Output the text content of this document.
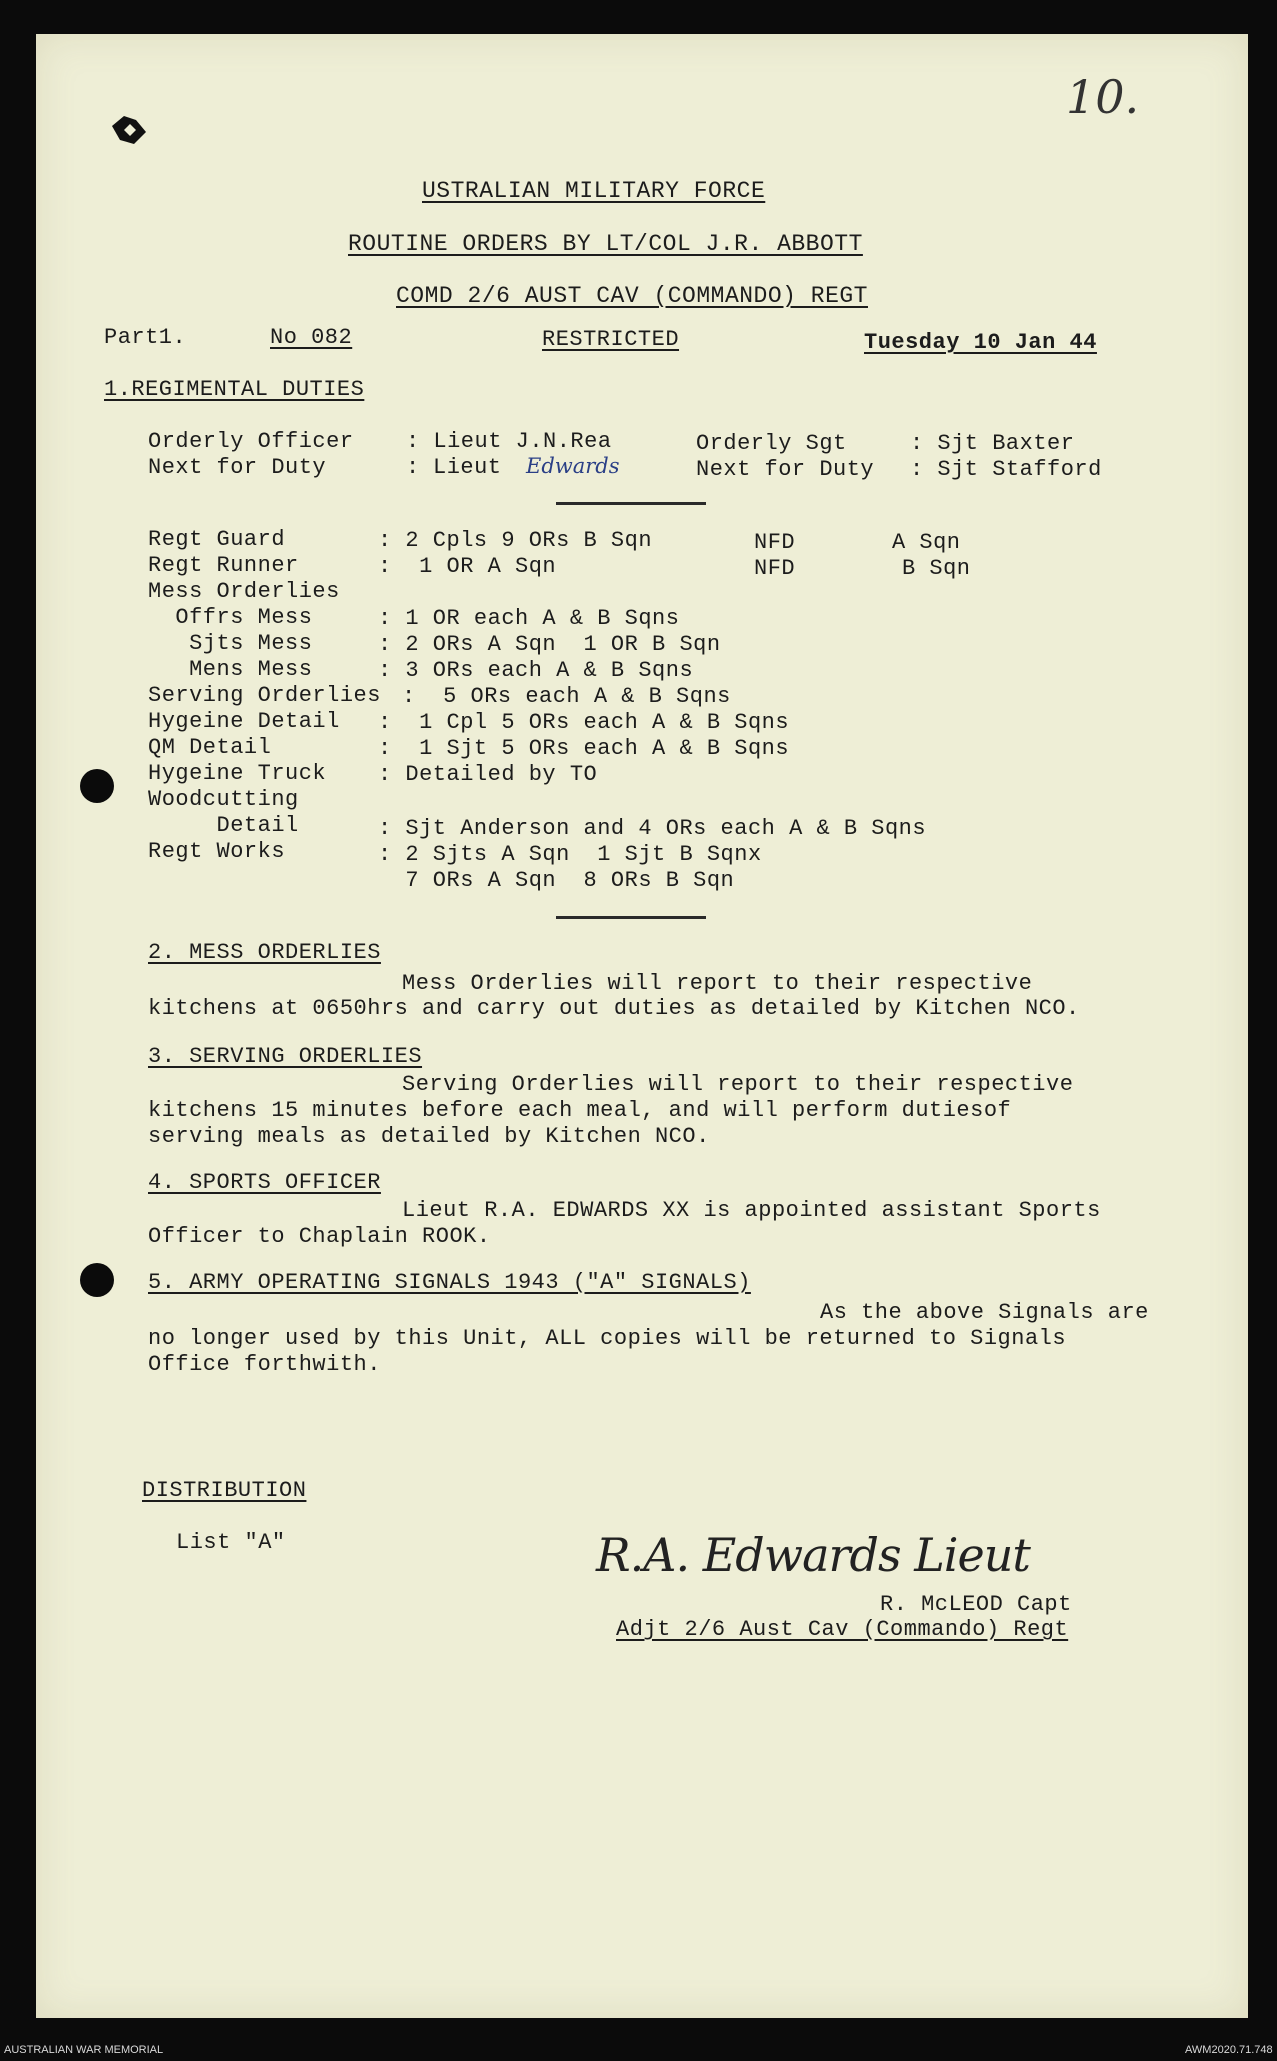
10.
USTRALIAN MILITARY FORCE
ROUTINE ORDERS BY LT/COL J.R. ABBOTT
COMD 2/6 AUST CAV (COMMANDO) REGT
Part1.	No 082	RESTRICTED	Tuesday 10 Jan 44
1.REGIMENTAL DUTIES
Orderly Officer : Lieut J.N.Rea
Next for Duty	: Lieut Edwards
Orderly Sgt	: Sjt Baxter
Next for Duty : Sjt Stafford
Regt Guard	: 2 Cpls 9 ORs B Sqn	NFD	A Sqn
Regt Runner	:  1 OR A Sqn	NFD	B Sqn
Mess Orderlies
Offrs Mess	: 1 OR each A & B Sqns
Sjts Mess	: 2 ORs A Sqn  1 OR B Sqn
Mens Mess	: 3 ORs each A & B Sqns
Serving Orderlies :  5 ORs each A & B Sqns
Hygeine Detail :  1 Cpl 5 ORs each A & B Sqns
QM Detail	:  1 Sjt 5 ORs each A & B Sqns
Hygeine Truck : Detailed by TO
Woodcutting
Detail	: Sjt Anderson and 4 ORs each A & B Sqns
Regt Works	: 2 Sjts A Sqn  1 Sjt B Sqnx
7 ORs A Sqn  8 ORs B Sqn
2. MESS ORDERLIES
Mess Orderlies will report to their respective
kitchens at 0650hrs and carry out duties as detailed by Kitchen NCO.
3. SERVING ORDERLIES
Serving Orderlies will report to their respective
kitchens 15 minutes before each meal, and will perform dutiesof
serving meals as detailed by Kitchen NCO.
4. SPORTS OFFICER
Lieut R.A. EDWARDS XX is appointed assistant Sports
Officer to Chaplain ROOK.
5. ARMY OPERATING SIGNALS 1943 ("A" SIGNALS)
As the above Signals are
no longer used by this Unit, ALL copies will be returned to Signals
Office forthwith.
DISTRIBUTION
List "A"	R.A. Edwards Lieut
R. McLEOD Capt
Adjt 2/6 Aust Cav (Commando) Regt
AUSTRALIAN WAR MEMORIAL	AWM2020.71.748
